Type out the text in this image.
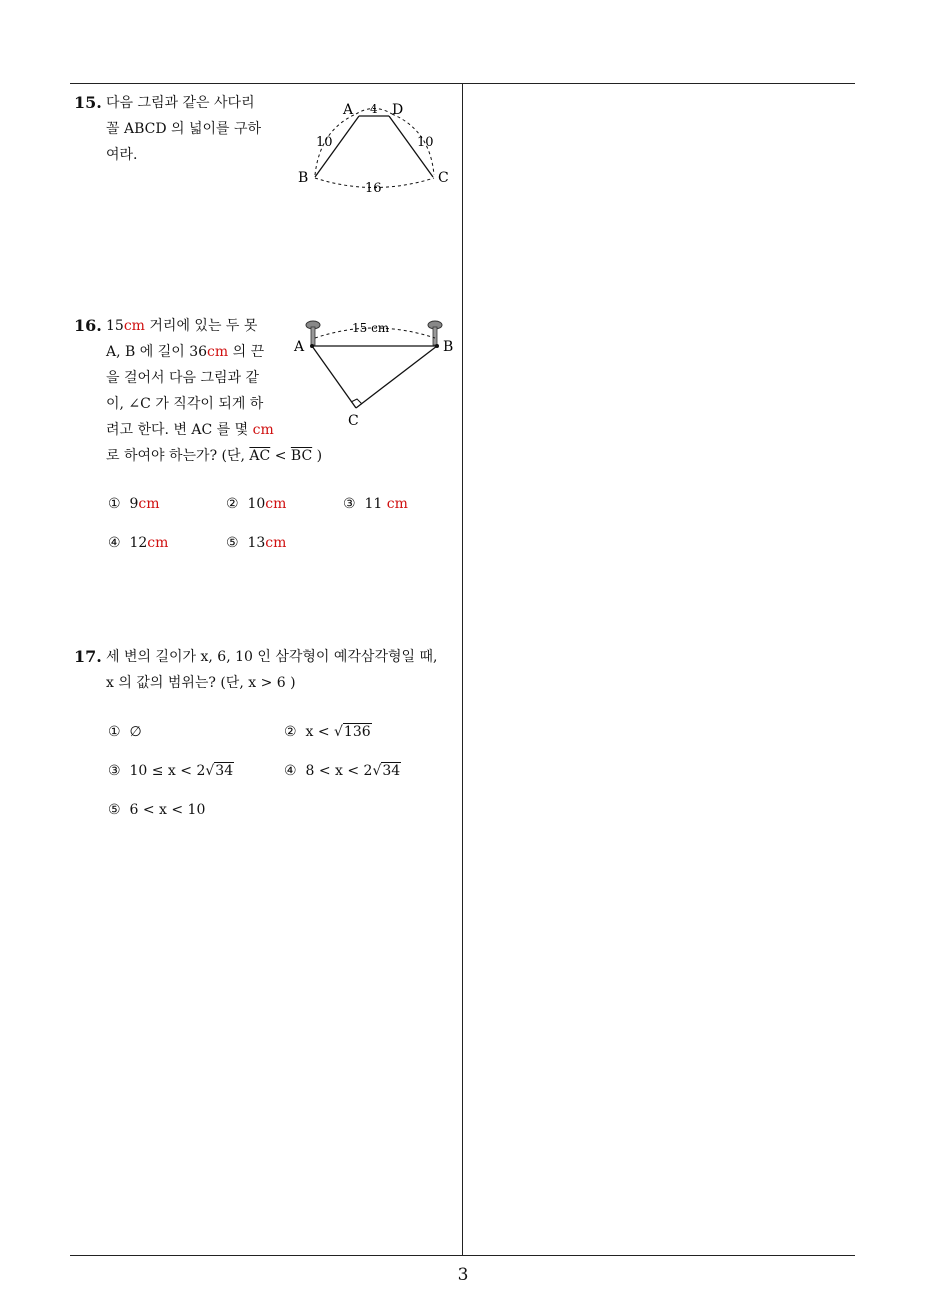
15. 다음 그림과 같은 사다리
꼴 ABCD 의 넓이를 구하
여라.
A	D
B	C
4
10	10
16
16. 15cm 거리에 있는 두 못
A, B 에 길이 36cm 의 끈
을 걸어서 다음 그림과 같
이, ∠C 가 직각이 되게 하
려고 한다. 변 AC 를 몇 cm
로 하여야 하는가? (단, $\overline{AC} < \overline{BC}$ )
A	B
C
15 cm
① 9cm	② 10cm	③ 11 cm
④ 12cm	⑤ 13cm
17. 세 변의 길이가 x, 6, 10 인 삼각형이 예각삼각형일 때,
x 의 값의 범위는? (단, x > 6 )
① ∅	② x < √136
③ 10 ≤ x < 2√34	④ 8 < x < 2√34
⑤ 6 < x < 10
3
